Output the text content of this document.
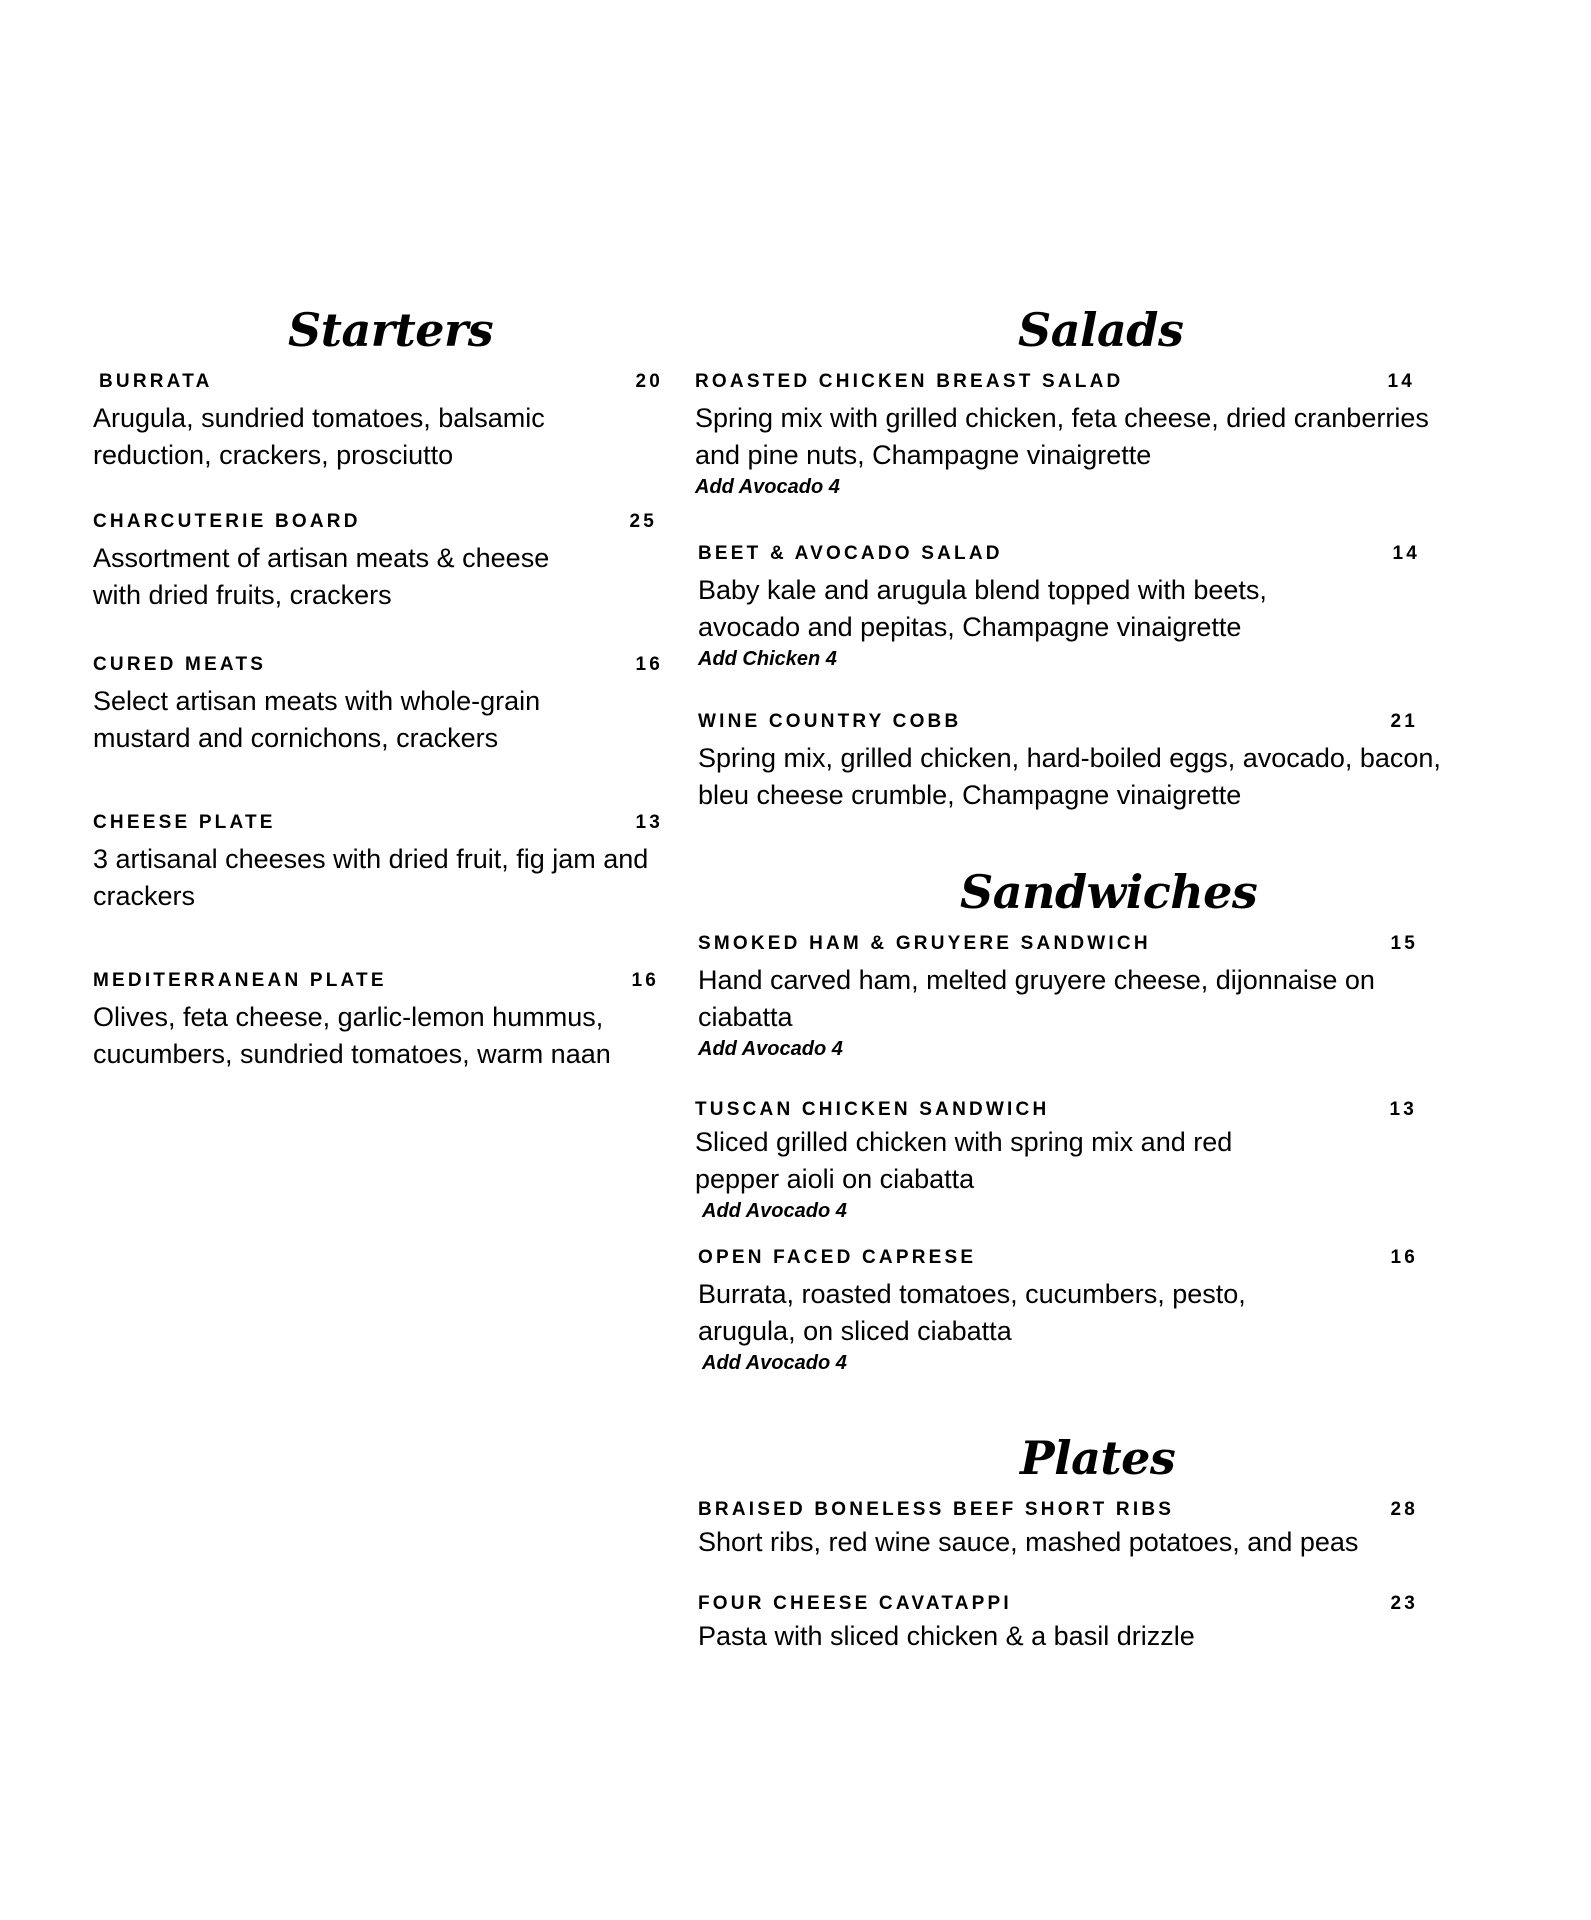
Starters
BURRATA	20
Arugula, sundried tomatoes, balsamic reduction, crackers, prosciutto
CHARCUTERIE BOARD	25
Assortment of artisan meats & cheese with dried fruits, crackers
CURED MEATS	16
Select artisan meats with whole-grain mustard and cornichons, crackers
CHEESE PLATE	13
3 artisanal cheeses with dried fruit, fig jam and crackers
MEDITERRANEAN PLATE	16
Olives, feta cheese, garlic-lemon hummus, cucumbers, sundried tomatoes, warm naan
Salads
ROASTED CHICKEN BREAST SALAD	14
Spring mix with grilled chicken, feta cheese, dried cranberries and pine nuts, Champagne vinaigrette
Add Avocado 4
BEET & AVOCADO SALAD	14
Baby kale and arugula blend topped with beets, avocado and pepitas, Champagne vinaigrette
Add Chicken 4
WINE COUNTRY COBB	21
Spring mix, grilled chicken, hard-boiled eggs, avocado, bacon, bleu cheese crumble, Champagne vinaigrette
Sandwiches
SMOKED HAM & GRUYERE SANDWICH	15
Hand carved ham, melted gruyere cheese, dijonnaise on ciabatta
Add Avocado 4
TUSCAN CHICKEN SANDWICH	13
Sliced grilled chicken with spring mix and red pepper aioli on ciabatta
Add Avocado 4
OPEN FACED CAPRESE	16
Burrata, roasted tomatoes, cucumbers, pesto, arugula, on sliced ciabatta
Add Avocado 4
Plates
BRAISED BONELESS BEEF SHORT RIBS	28
Short ribs, red wine sauce, mashed potatoes, and peas
FOUR CHEESE CAVATAPPI	23
Pasta with sliced chicken & a basil drizzle
